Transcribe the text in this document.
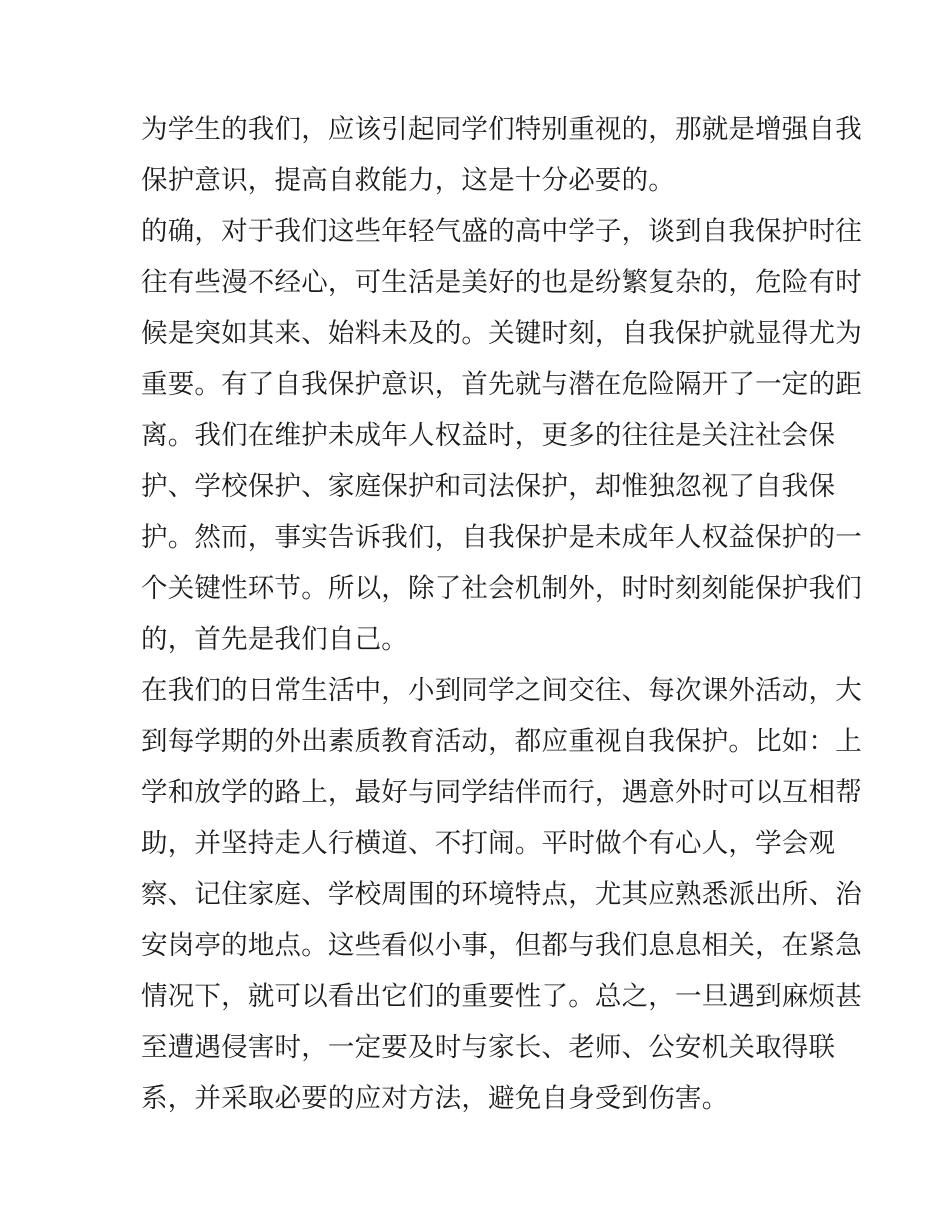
为学生的我们，应该引起同学们特别重视的，那就是增强自我
保护意识，提高自救能力，这是十分必要的。
的确，对于我们这些年轻气盛的高中学子，谈到自我保护时往
往有些漫不经心，可生活是美好的也是纷繁复杂的，危险有时
候是突如其来、始料未及的。关键时刻，自我保护就显得尤为
重要。有了自我保护意识，首先就与潜在危险隔开了一定的距
离。我们在维护未成年人权益时，更多的往往是关注社会保
护、学校保护、家庭保护和司法保护，却惟独忽视了自我保
护。然而，事实告诉我们，自我保护是未成年人权益保护的一
个关键性环节。所以，除了社会机制外，时时刻刻能保护我们
的，首先是我们自己。
在我们的日常生活中，小到同学之间交往、每次课外活动，大
到每学期的外出素质教育活动，都应重视自我保护。比如：上
学和放学的路上，最好与同学结伴而行，遇意外时可以互相帮
助，并坚持走人行横道、不打闹。平时做个有心人，学会观
察、记住家庭、学校周围的环境特点，尤其应熟悉派出所、治
安岗亭的地点。这些看似小事，但都与我们息息相关，在紧急
情况下，就可以看出它们的重要性了。总之，一旦遇到麻烦甚
至遭遇侵害时，一定要及时与家长、老师、公安机关取得联
系，并采取必要的应对方法，避免自身受到伤害。
